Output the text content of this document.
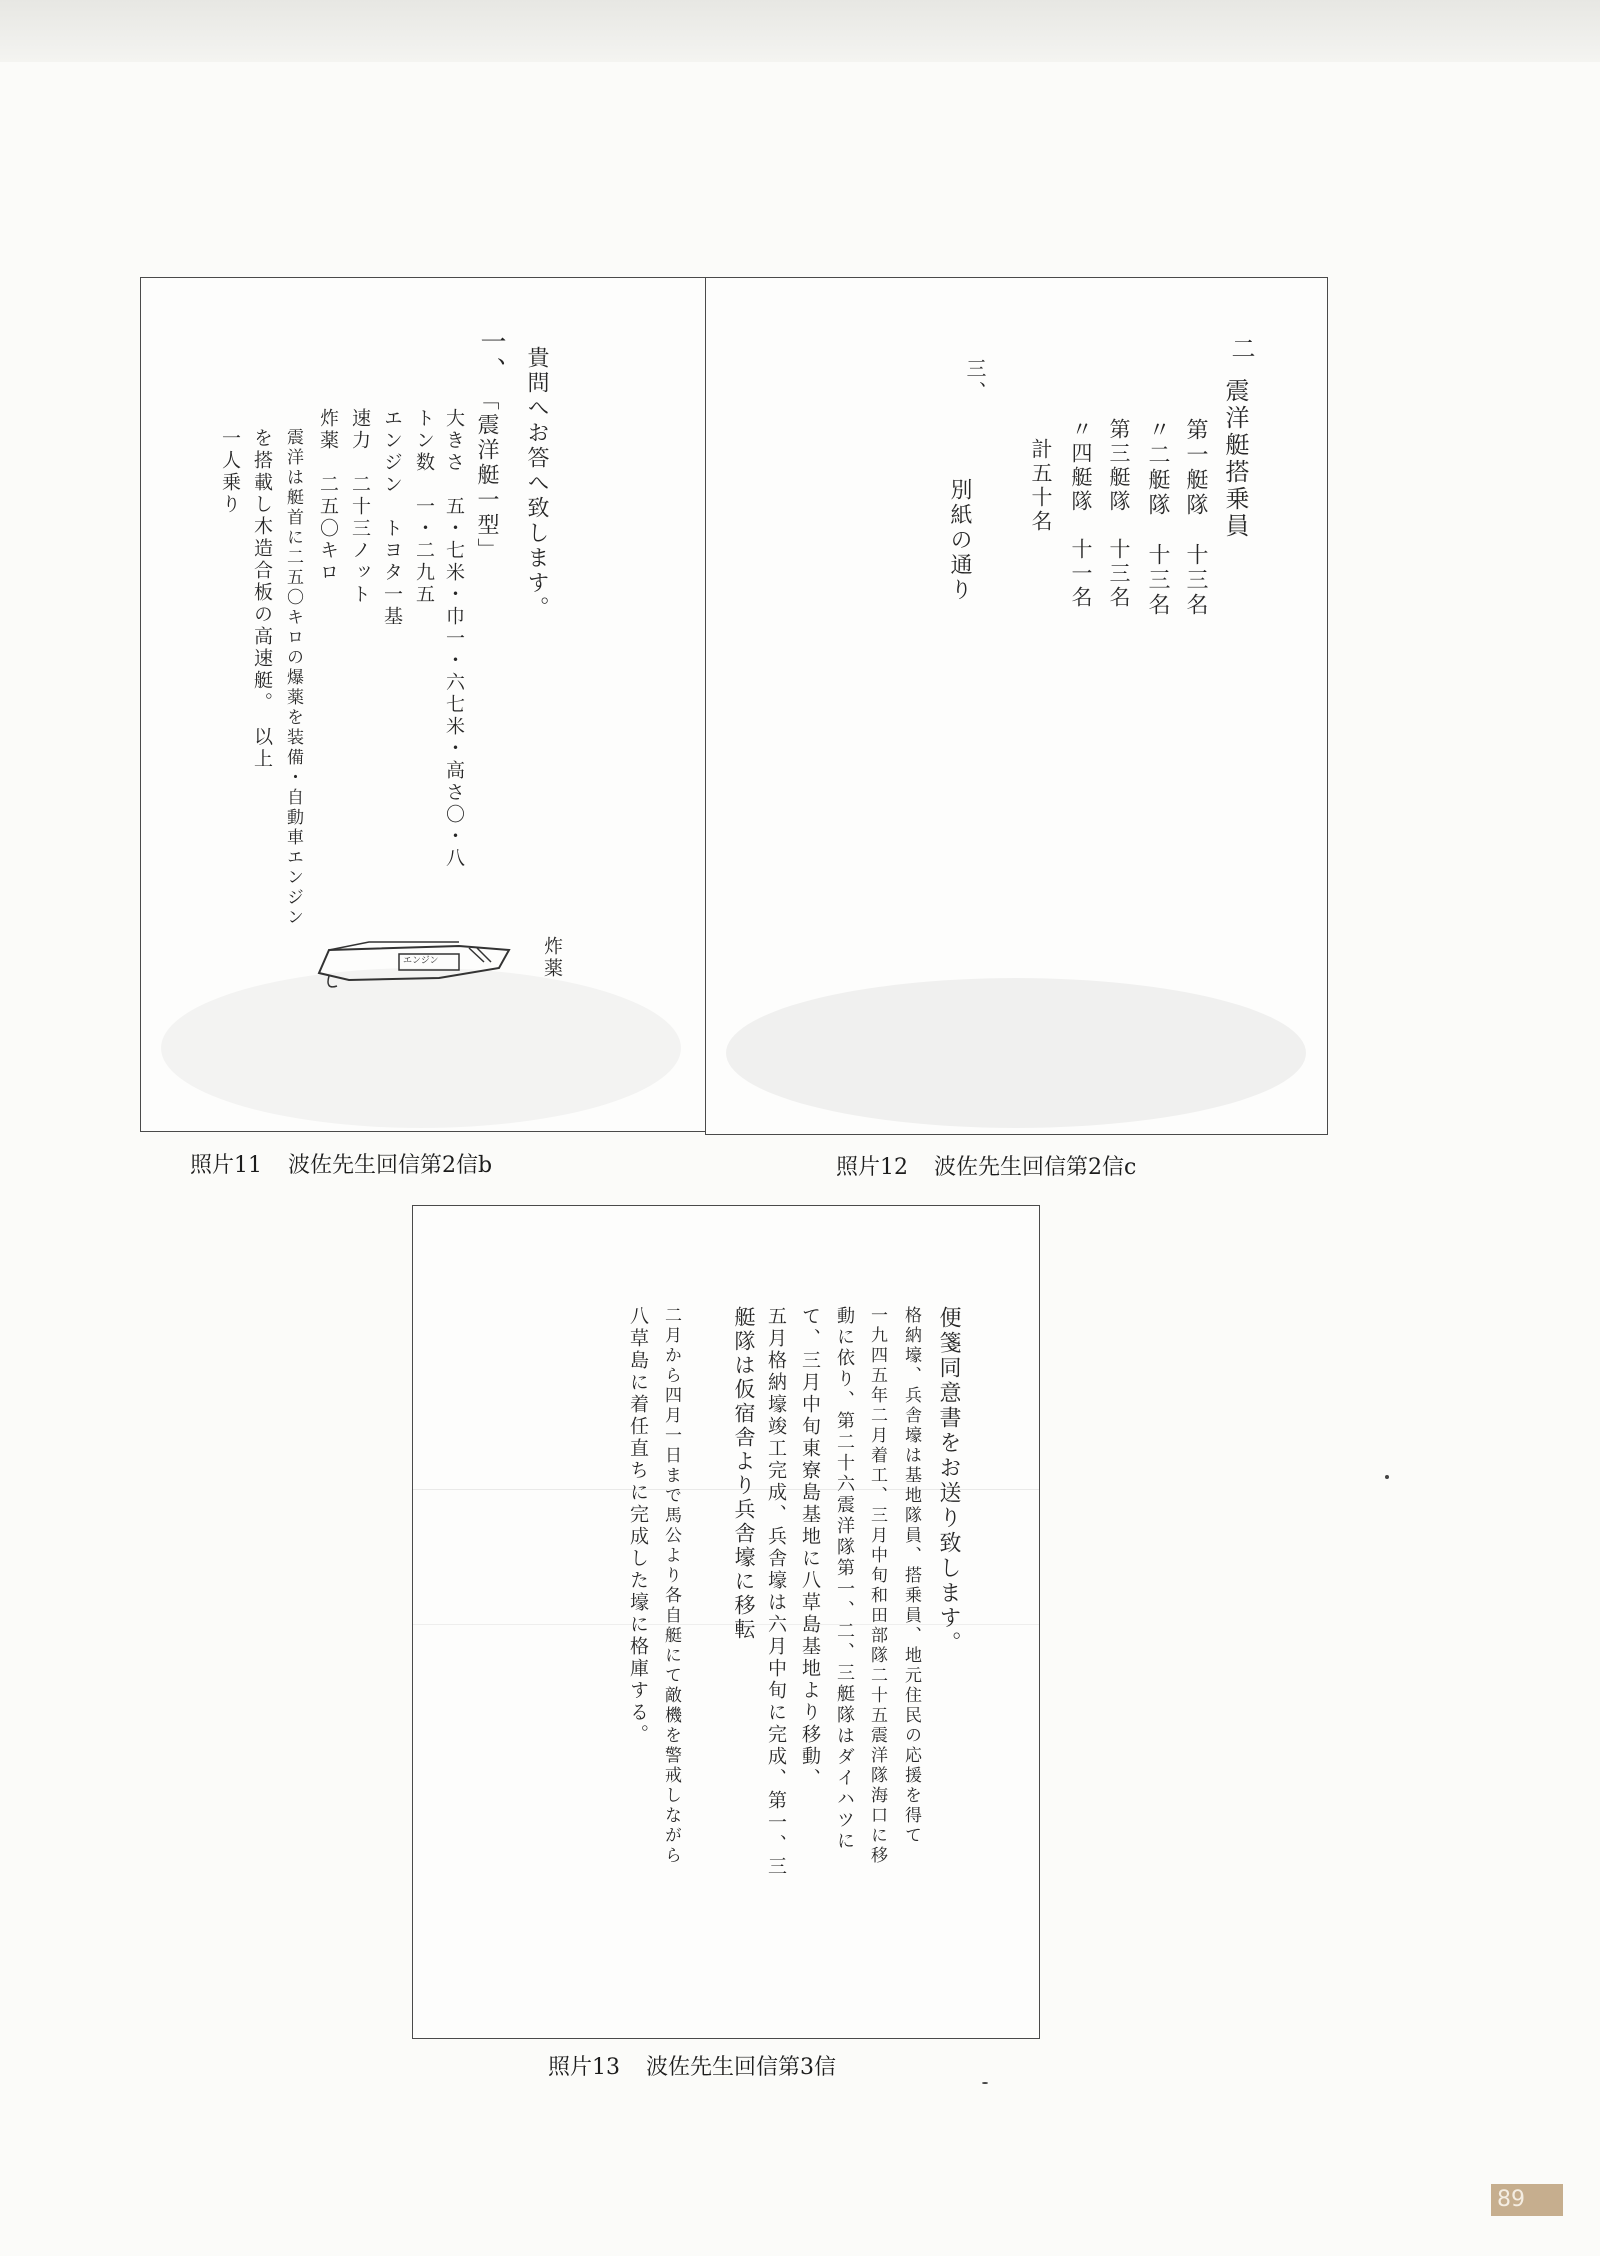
一、 貴問へお答へ致します。
「震洋艇一型」
大きさ　五・七米・巾一・六七米・高さ〇・八
トン数　一・二九五
エンジン　トヨタ一基
速力　二十三ノット
炸薬　二五〇キロ
震洋は艇首に二五〇キロの爆薬を装備・自動車エンジン
を搭載し木造合板の高速艇。　以上
一人乗り
エンジン	炸薬
照片11 波佐先生回信第2信b
二
震洋艇搭乗員
第一艇隊　十三名
〃二艇隊　十三名
第三艇隊　十三名
〃四艇隊　十一名
計五十名
三、
別紙の通り
照片12 波佐先生回信第2信c
便箋同意書をお送り致します。
格納壕、兵舎壕は基地隊員、搭乗員、地元住民の応援を得て
一九四五年二月着工、三月中旬和田部隊二十五震洋隊海口に移
動に依り、第二十六震洋隊第一、二、三艇隊はダイハツに
て、三月中旬東寮島基地に八草島基地より移動、
五月格納壕竣工完成、兵舎壕は六月中旬に完成、第一、三
艇隊は仮宿舎より兵舎壕に移転
二月から四月一日まで馬公より各自艇にて敵機を警戒しながら
八草島に着任直ちに完成した壕に格庫する。
照片13 波佐先生回信第3信
89
